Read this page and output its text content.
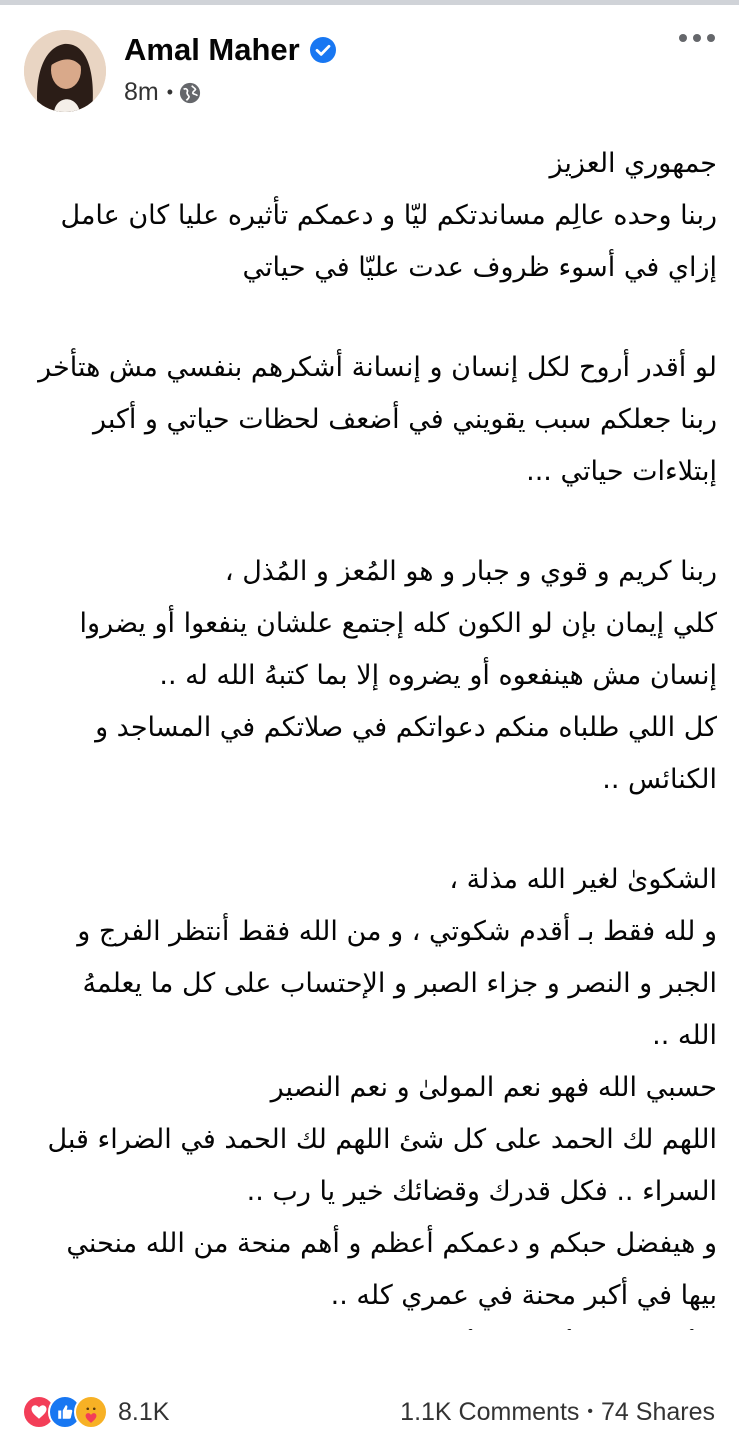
Amal Maher
8m •

جمهوري العزيز

ربنا وحده عالِم مساندتكم ليّا و دعمكم تأثيره عليا كان عامل

إزاي في أسوء ظروف عدت عليّا في حياتي

لو أقدر أروح لكل إنسان و إنسانة أشكرهم بنفسي مش هتأخر

ربنا جعلكم سبب يقويني في أضعف لحظات حياتي و أكبر

إبتلاءات حياتي ...

ربنا كريم و قوي و جبار و هو المُعز و المُذل ،

كلي إيمان بإن لو الكون كله إجتمع علشان ينفعوا أو يضروا

إنسان مش هينفعوه أو يضروه إلا بما كتبهُ الله له ..

كل اللي طلباه منكم دعواتكم في صلاتكم في المساجد و

الكنائس ..

الشكوىٰ لغير الله مذلة ،

و لله فقط بـ أقدم شكوتي ، و من الله فقط أنتظر الفرج و

الجبر و النصر و جزاء الصبر و الإحتساب على كل ما يعلمهُ

الله ..

حسبي الله فهو نعم المولىٰ و نعم النصير

اللهم لك الحمد على كل شئ اللهم لك الحمد في الضراء قبل

السراء .. فكل قدرك وقضائك خير يا رب ..

و هيفضل حبكم و دعمكم أعظم و أهم منحة من الله منحني

بيها في أكبر محنة في عمري كله ..

8.1K	1.1K Comments • 74 Shares
